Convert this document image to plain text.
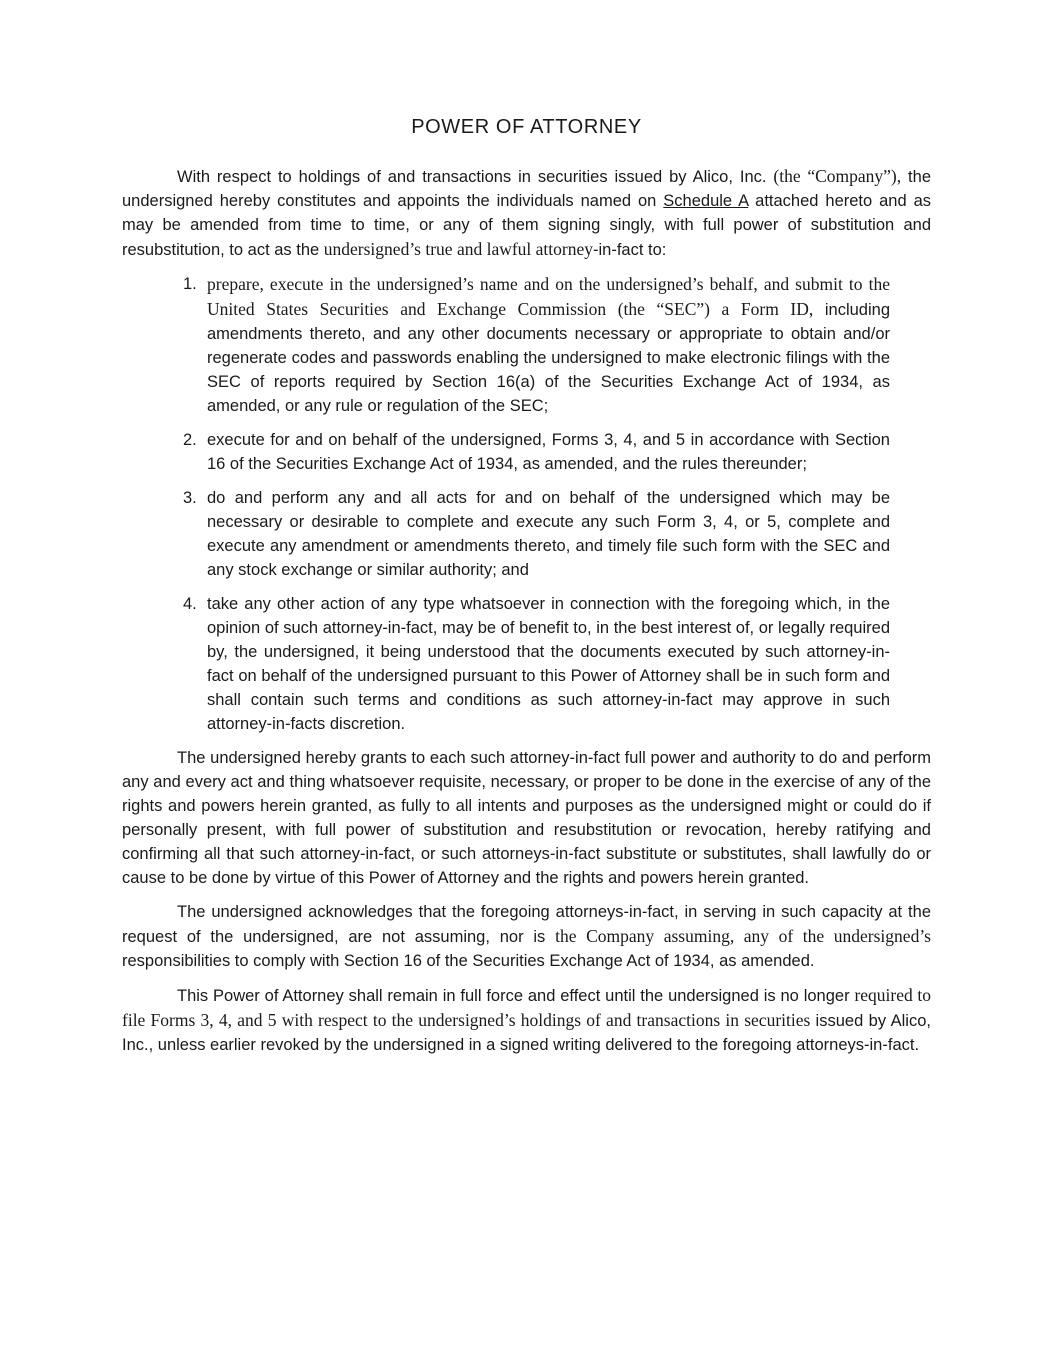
POWER OF ATTORNEY

With respect to holdings of and transactions in securities issued by Alico, Inc. (the “Company”), the undersigned hereby constitutes and appoints the individuals named on Schedule A attached hereto and as may be amended from time to time, or any of them signing singly, with full power of substitution and resubstitution, to act as the undersigned’s true and lawful attorney-in-fact to:

1. prepare, execute in the undersigned’s name and on the undersigned’s behalf, and submit to the United States Securities and Exchange Commission (the “SEC”) a Form ID, including amendments thereto, and any other documents necessary or appropriate to obtain and/or regenerate codes and passwords enabling the undersigned to make electronic filings with the SEC of reports required by Section 16(a) of the Securities Exchange Act of 1934, as amended, or any rule or regulation of the SEC;
2. execute for and on behalf of the undersigned, Forms 3, 4, and 5 in accordance with Section 16 of the Securities Exchange Act of 1934, as amended, and the rules thereunder;
3. do and perform any and all acts for and on behalf of the undersigned which may be necessary or desirable to complete and execute any such Form 3, 4, or 5, complete and execute any amendment or amendments thereto, and timely file such form with the SEC and any stock exchange or similar authority; and
4. take any other action of any type whatsoever in connection with the foregoing which, in the opinion of such attorney-in-fact, may be of benefit to, in the best interest of, or legally required by, the undersigned, it being understood that the documents executed by such attorney-in-fact on behalf of the undersigned pursuant to this Power of Attorney shall be in such form and shall contain such terms and conditions as such attorney-in-fact may approve in such attorney-in-facts discretion.

The undersigned hereby grants to each such attorney-in-fact full power and authority to do and perform any and every act and thing whatsoever requisite, necessary, or proper to be done in the exercise of any of the rights and powers herein granted, as fully to all intents and purposes as the undersigned might or could do if personally present, with full power of substitution and resubstitution or revocation, hereby ratifying and confirming all that such attorney-in-fact, or such attorneys-in-fact substitute or substitutes, shall lawfully do or cause to be done by virtue of this Power of Attorney and the rights and powers herein granted.

The undersigned acknowledges that the foregoing attorneys-in-fact, in serving in such capacity at the request of the undersigned, are not assuming, nor is the Company assuming, any of the undersigned’s responsibilities to comply with Section 16 of the Securities Exchange Act of 1934, as amended.

This Power of Attorney shall remain in full force and effect until the undersigned is no longer required to file Forms 3, 4, and 5 with respect to the undersigned’s holdings of and transactions in securities issued by Alico, Inc., unless earlier revoked by the undersigned in a signed writing delivered to the foregoing attorneys-in-fact.
